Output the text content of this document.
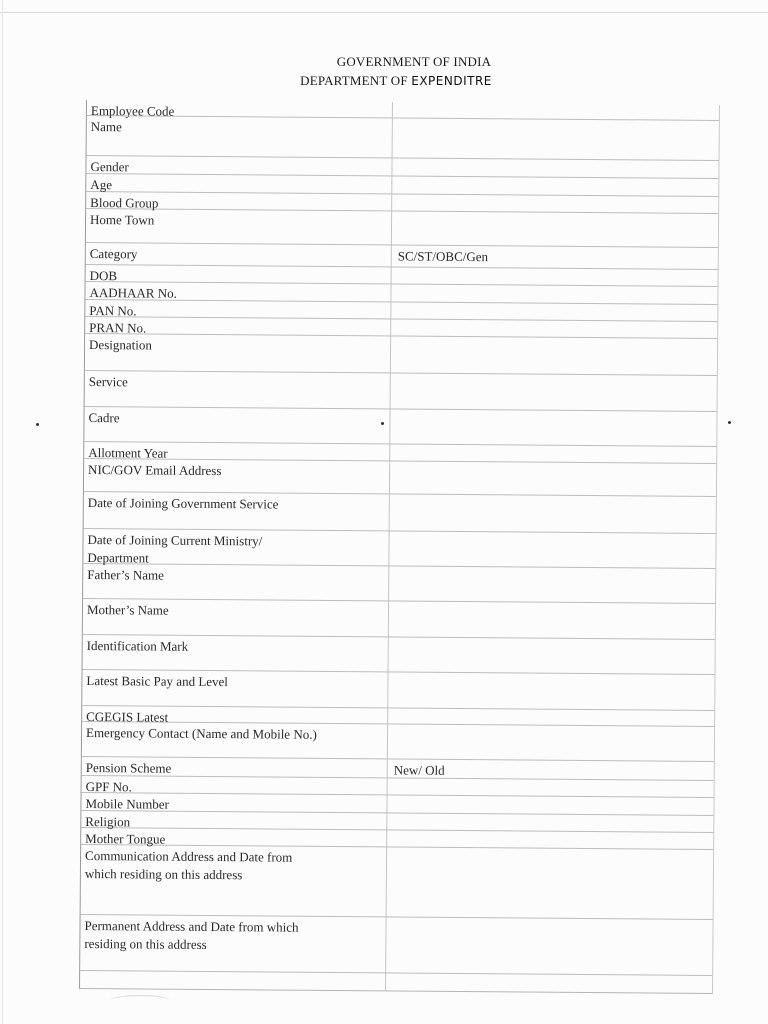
GOVERNMENT OF INDIA
DEPARTMENT OF EXPENDITRE
Employee Code
Name
Gender
Age
Blood Group
Home Town
Category	SC/ST/OBC/Gen
DOB
AADHAAR No.
PAN No.
PRAN No.
Designation
Service
Cadre
Allotment Year
NIC/GOV Email Address
Date of Joining Government Service
Date of Joining Current Ministry/
Department
Father’s Name
Mother’s Name
Identification Mark
Latest Basic Pay and Level
CGEGIS Latest
Emergency Contact (Name and Mobile No.)
Pension Scheme	New/ Old
GPF No.
Mobile Number
Religion
Mother Tongue
Communication Address and Date from
which residing on this address
Permanent Address and Date from which
residing on this address
